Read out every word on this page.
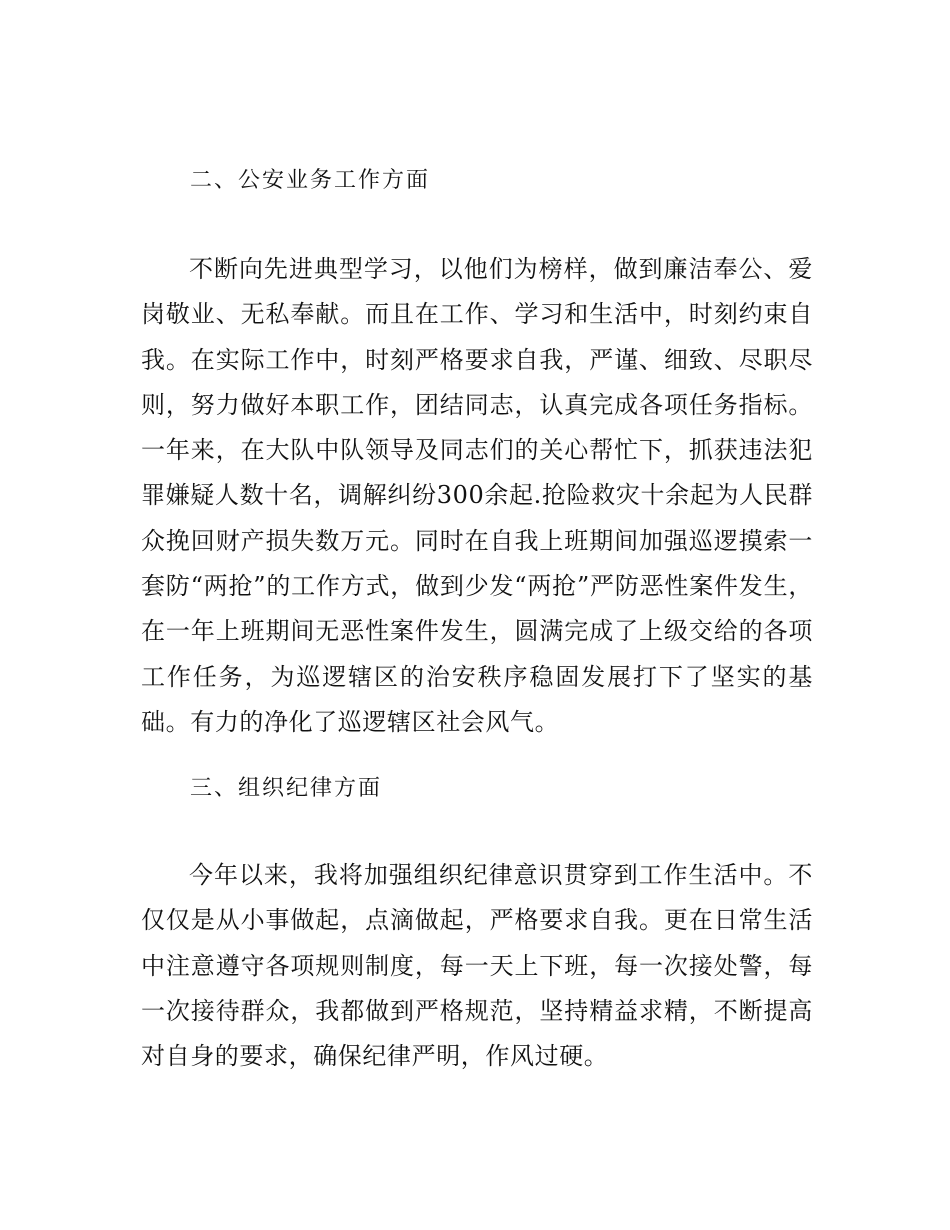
二、公安业务工作方面

不断向先进典型学习，以他们为榜样，做到廉洁奉公、爱岗敬业、无私奉献。而且在工作、学习和生活中，时刻约束自我。在实际工作中，时刻严格要求自我，严谨、细致、尽职尽则，努力做好本职工作，团结同志，认真完成各项任务指标。一年来，在大队中队领导及同志们的关心帮忙下，抓获违法犯罪嫌疑人数十名，调解纠纷300余起.抢险救灾十余起为人民群众挽回财产损失数万元。同时在自我上班期间加强巡逻摸索一套防“两抢”的工作方式，做到少发“两抢”严防恶性案件发生，在一年上班期间无恶性案件发生，圆满完成了上级交给的各项工作任务，为巡逻辖区的治安秩序稳固发展打下了坚实的基础。有力的净化了巡逻辖区社会风气。

三、组织纪律方面

今年以来，我将加强组织纪律意识贯穿到工作生活中。不仅仅是从小事做起，点滴做起，严格要求自我。更在日常生活中注意遵守各项规则制度，每一天上下班，每一次接处警，每一次接待群众，我都做到严格规范，坚持精益求精，不断提高对自身的要求，确保纪律严明，作风过硬。
